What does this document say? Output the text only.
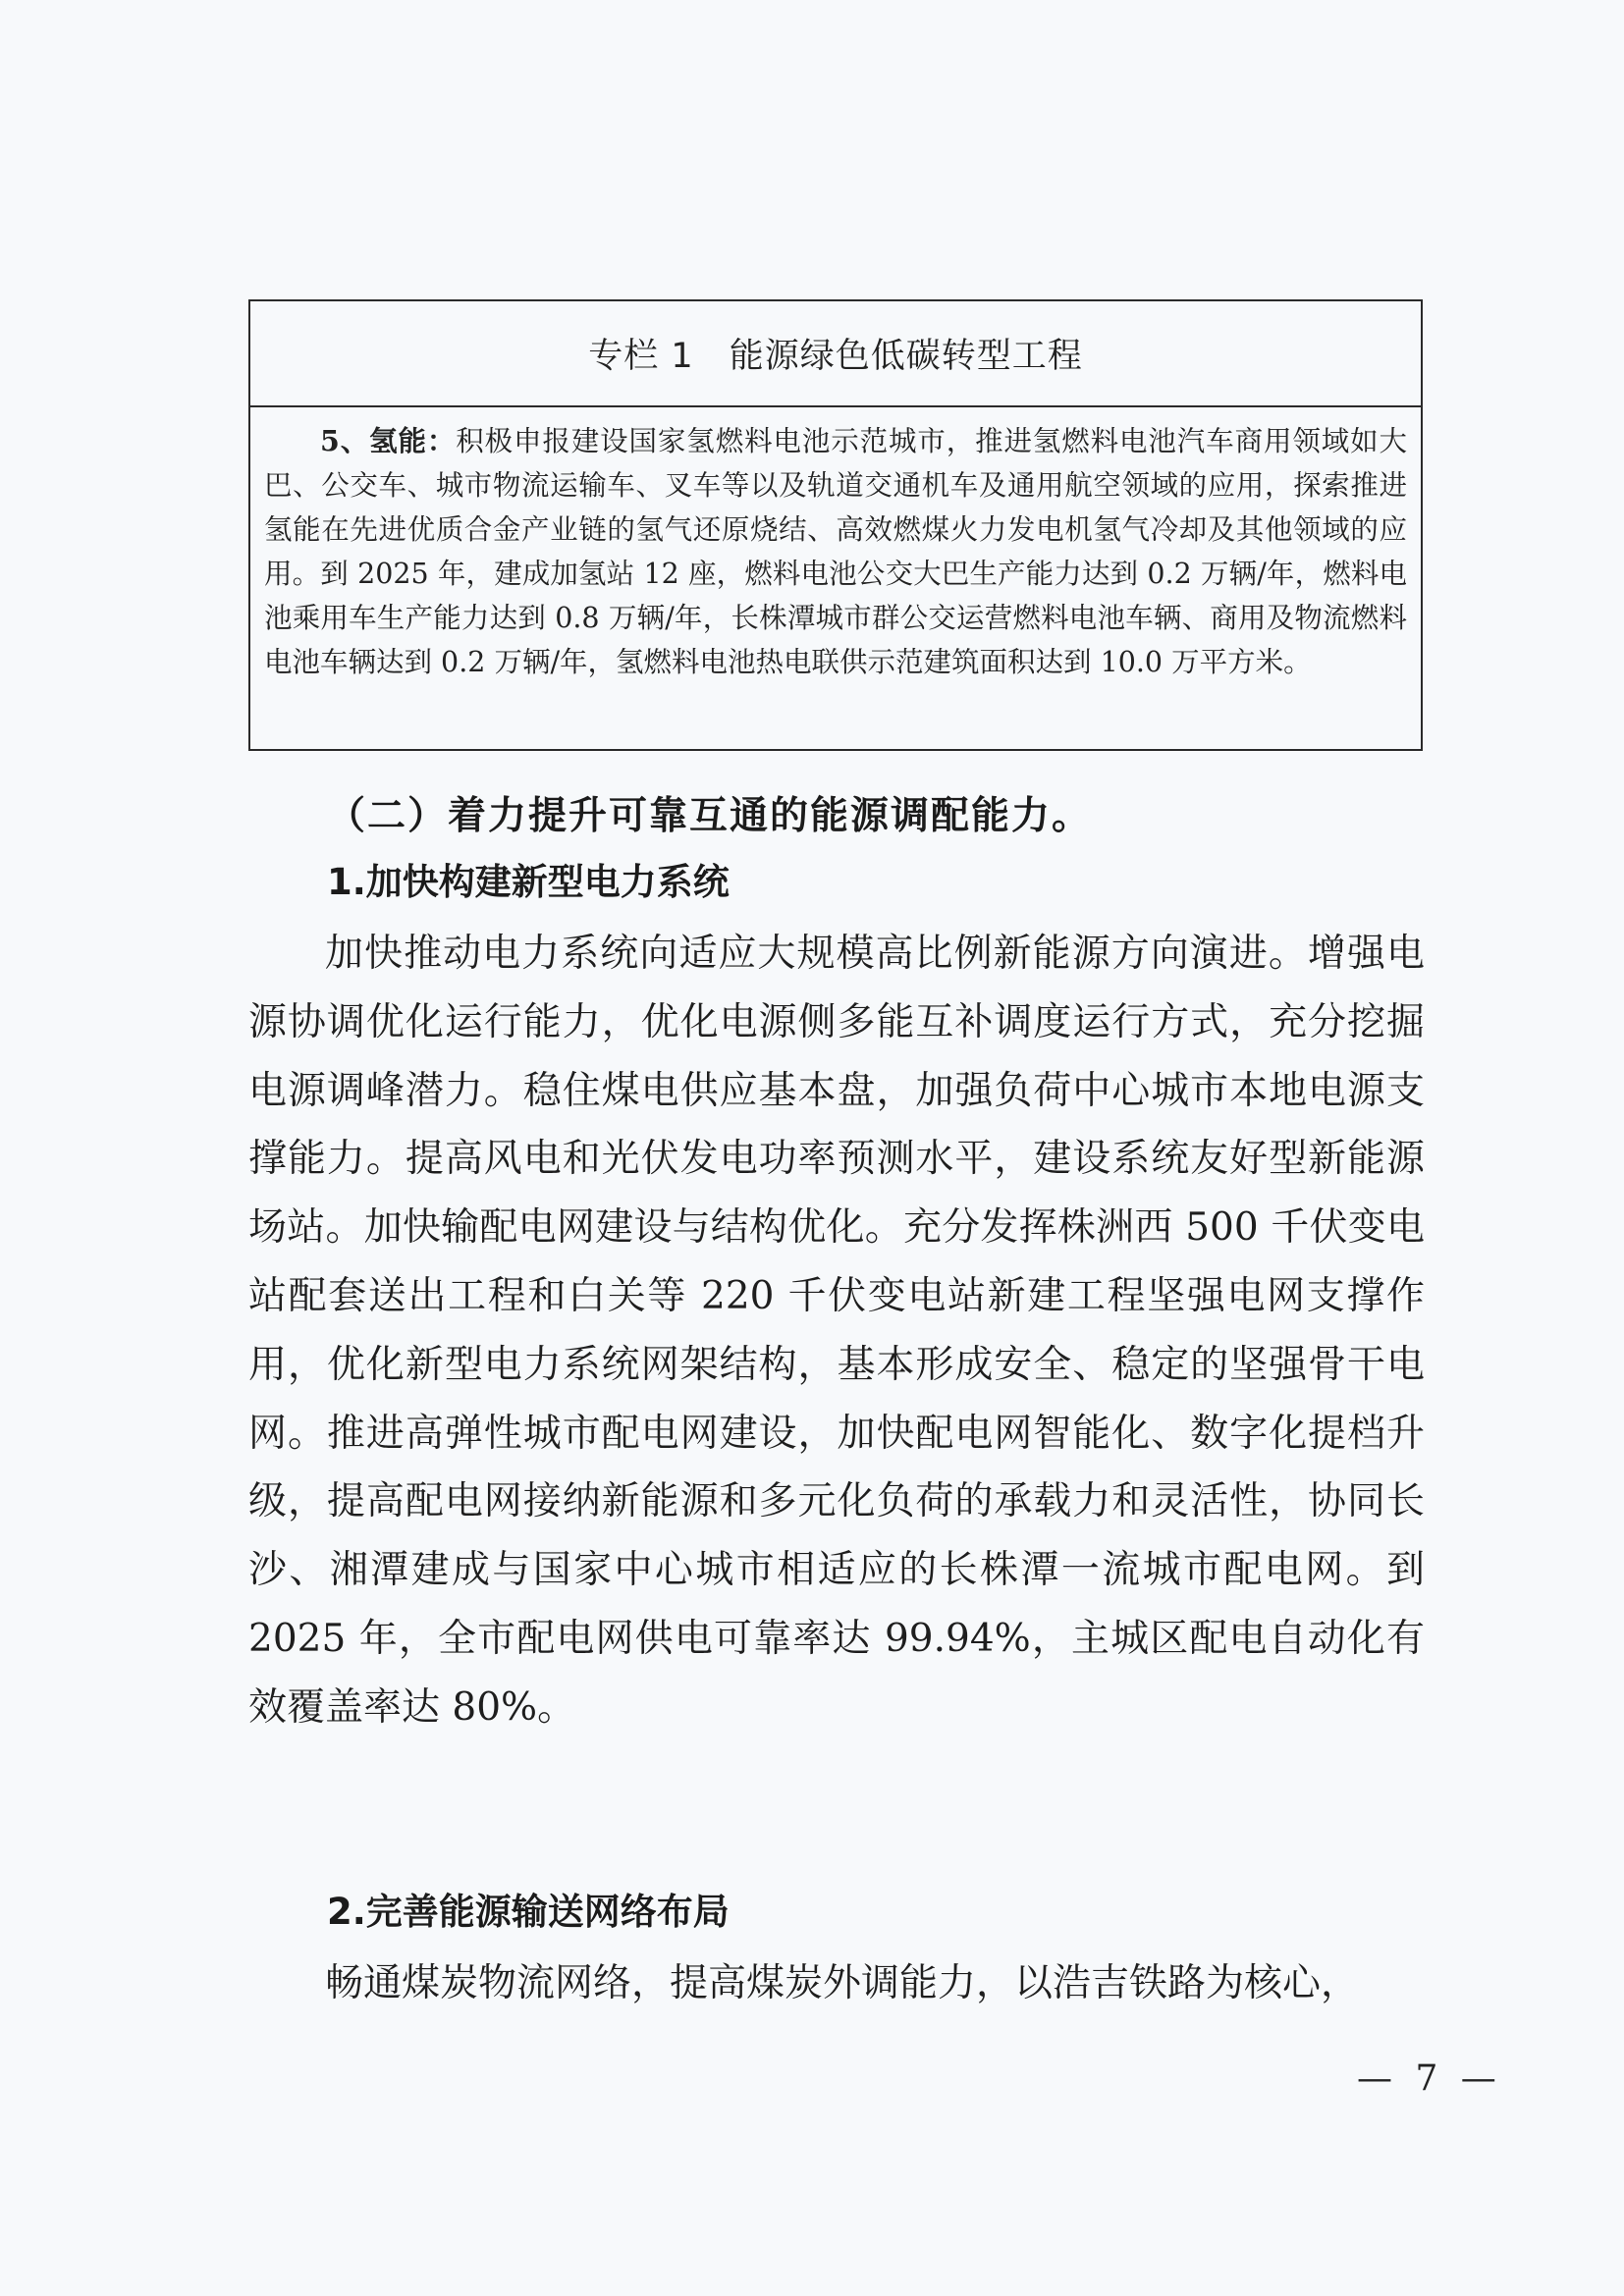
专栏 1 能源绿色低碳转型工程

5、氢能：积极申报建设国家氢燃料电池示范城市，推进氢燃料电池汽车商用领域如大巴、公交车、城市物流运输车、叉车等以及轨道交通机车及通用航空领域的应用，探索推进氢能在先进优质合金产业链的氢气还原烧结、高效燃煤火力发电机氢气冷却及其他领域的应用。到 2025 年，建成加氢站 12 座，燃料电池公交大巴生产能力达到 0.2 万辆/年，燃料电池乘用车生产能力达到 0.8 万辆/年，长株潭城市群公交运营燃料电池车辆、商用及物流燃料电池车辆达到 0.2 万辆/年，氢燃料电池热电联供示范建筑面积达到 10.0 万平方米。

（二）着力提升可靠互通的能源调配能力。
1.加快构建新型电力系统

加快推动电力系统向适应大规模高比例新能源方向演进。增强电源协调优化运行能力，优化电源侧多能互补调度运行方式，充分挖掘电源调峰潜力。稳住煤电供应基本盘，加强负荷中心城市本地电源支撑能力。提高风电和光伏发电功率预测水平，建设系统友好型新能源场站。加快输配电网建设与结构优化。充分发挥株洲西 500 千伏变电站配套送出工程和白关等 220 千伏变电站新建工程坚强电网支撑作用，优化新型电力系统网架结构，基本形成安全、稳定的坚强骨干电网。推进高弹性城市配电网建设，加快配电网智能化、数字化提档升级，提高配电网接纳新能源和多元化负荷的承载力和灵活性，协同长沙、湘潭建成与国家中心城市相适应的长株潭一流城市配电网。到 2025 年，全市配电网供电可靠率达 99.94%，主城区配电自动化有效覆盖率达 80%。

2.完善能源输送网络布局

畅通煤炭物流网络，提高煤炭外调能力，以浩吉铁路为核心，

— 7 —
